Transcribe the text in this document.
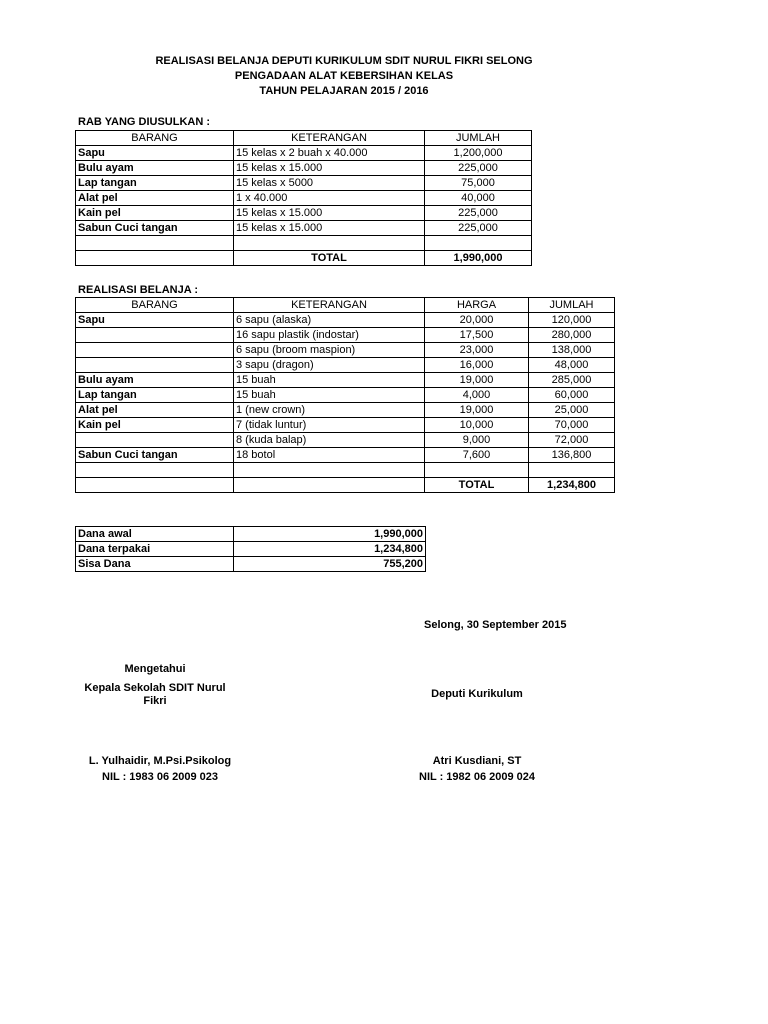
REALISASI BELANJA DEPUTI KURIKULUM SDIT NURUL FIKRI SELONG
PENGADAAN ALAT KEBERSIHAN KELAS
TAHUN PELAJARAN 2015 / 2016
RAB YANG DIUSULKAN :
BARANG	KETERANGAN	JUMLAH
Sapu	15 kelas x 2 buah x 40.000	1,200,000
Bulu ayam	15 kelas x 15.000	225,000
Lap tangan	15 kelas x 5000	75,000
Alat pel	1 x 40.000	40,000
Kain pel	15 kelas x 15.000	225,000
Sabun Cuci tangan	15 kelas x 15.000	225,000

	TOTAL	1,990,000
REALISASI BELANJA :
BARANG	KETERANGAN	HARGA	JUMLAH
Sapu	6 sapu (alaska)	20,000	120,000
	16 sapu plastik (indostar)	17,500	280,000
	6 sapu (broom maspion)	23,000	138,000
	3 sapu (dragon)	16,000	48,000
Bulu ayam	15 buah	19,000	285,000
Lap tangan	15 buah	4,000	60,000
Alat pel	1 (new crown)	19,000	25,000
Kain pel	7 (tidak luntur)	10,000	70,000
	8 (kuda balap)	9,000	72,000
Sabun Cuci tangan	18 botol	7,600	136,800

		TOTAL	1,234,800
Dana awal	1,990,000
Dana terpakai	1,234,800
Sisa Dana	755,200
Selong, 30 September 2015
Mengetahui
Kepala Sekolah SDIT Nurul
Fikri
L. Yulhaidir, M.Psi.Psikolog
NIL : 1983 06 2009 023
Deputi Kurikulum
Atri Kusdiani, ST
NIL : 1982 06 2009 024
